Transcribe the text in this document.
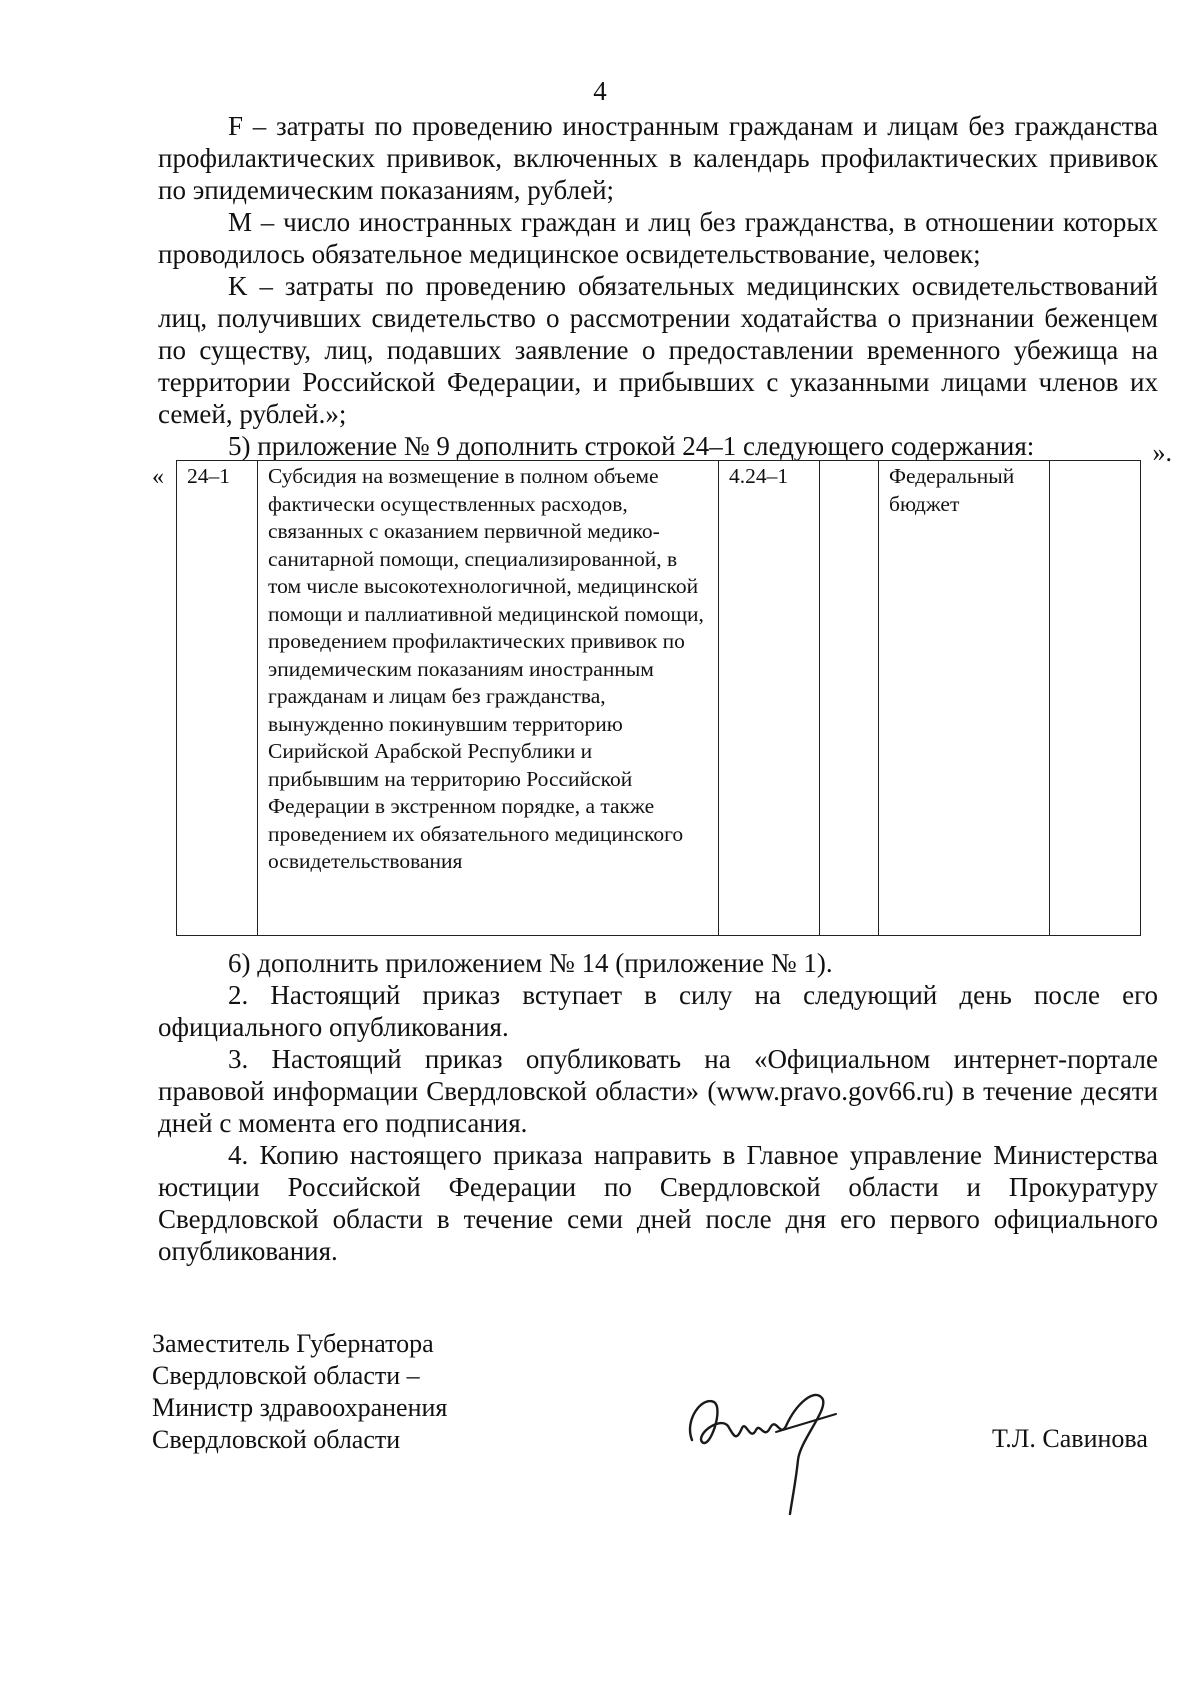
4

F – затраты по проведению иностранным гражданам и лицам без гражданства профилактических прививок, включенных в календарь профилактических прививок по эпидемическим показаниям, рублей;

M – число иностранных граждан и лиц без гражданства, в отношении которых проводилось обязательное медицинское освидетельствование, человек;

K – затраты по проведению обязательных медицинских освидетельствований лиц, получивших свидетельство о рассмотрении ходатайства о признании беженцем по существу, лиц, подавших заявление о предоставлении временного убежища на территории Российской Федерации, и прибывших с указанными лицами членов их семей, рублей.»;

5) приложение № 9 дополнить строкой 24–1 следующего содержания:

« 24–1	Субсидия на возмещение в полном объеме фактически осуществленных расходов, связанных с оказанием первичной медико-санитарной помощи, специализированной, в том числе высокотехнологичной, медицинской помощи и паллиативной медицинской помощи, проведением профилактических прививок по эпидемическим показаниям иностранным гражданам и лицам без гражданства, вынужденно покинувшим территорию Сирийской Арабской Республики и прибывшим на территорию Российской Федерации в экстренном порядке, а также проведением их обязательного медицинского освидетельствования	4.24–1		Федеральный бюджет	
».

6) дополнить приложением № 14 (приложение № 1).

2. Настоящий приказ вступает в силу на следующий день после его официального опубликования.

3. Настоящий приказ опубликовать на «Официальном интернет-портале правовой информации Свердловской области» (www.pravo.gov66.ru) в течение десяти дней с момента его подписания.

4. Копию настоящего приказа направить в Главное управление Министерства юстиции Российской Федерации по Свердловской области и Прокуратуру Свердловской области в течение семи дней после дня его первого официального опубликования.

Заместитель Губернатора
Свердловской области –
Министр здравоохранения
Свердловской области	Т.Л. Савинова
